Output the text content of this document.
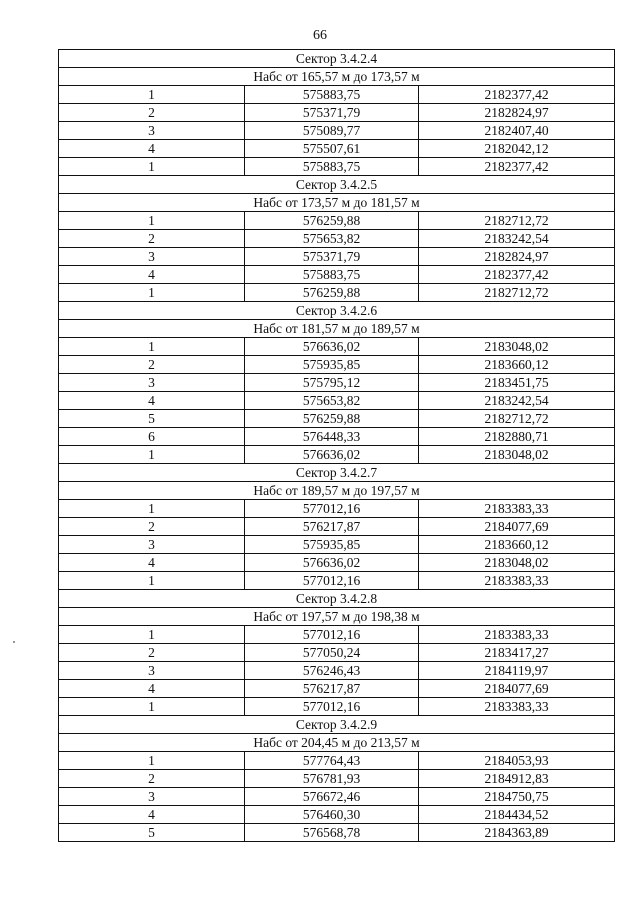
66
Сектор 3.4.2.4		
Набс от 165,57 м до 173,57 м		
1	575883,75	2182377,42
2	575371,79	2182824,97
3	575089,77	2182407,40
4	575507,61	2182042,12
1	575883,75	2182377,42
Сектор 3.4.2.5		
Набс от 173,57 м до 181,57 м		
1	576259,88	2182712,72
2	575653,82	2183242,54
3	575371,79	2182824,97
4	575883,75	2182377,42
1	576259,88	2182712,72
Сектор 3.4.2.6		
Набс от 181,57 м до 189,57 м		
1	576636,02	2183048,02
2	575935,85	2183660,12
3	575795,12	2183451,75
4	575653,82	2183242,54
5	576259,88	2182712,72
6	576448,33	2182880,71
1	576636,02	2183048,02
Сектор 3.4.2.7		
Набс от 189,57 м до 197,57 м		
1	577012,16	2183383,33
2	576217,87	2184077,69
3	575935,85	2183660,12
4	576636,02	2183048,02
1	577012,16	2183383,33
Сектор 3.4.2.8		
Набс от 197,57 м до 198,38 м		
1	577012,16	2183383,33
2	577050,24	2183417,27
3	576246,43	2184119,97
4	576217,87	2184077,69
1	577012,16	2183383,33
Сектор 3.4.2.9		
Набс от 204,45 м до 213,57 м		
1	577764,43	2184053,93
2	576781,93	2184912,83
3	576672,46	2184750,75
4	576460,30	2184434,52
5	576568,78	2184363,89
